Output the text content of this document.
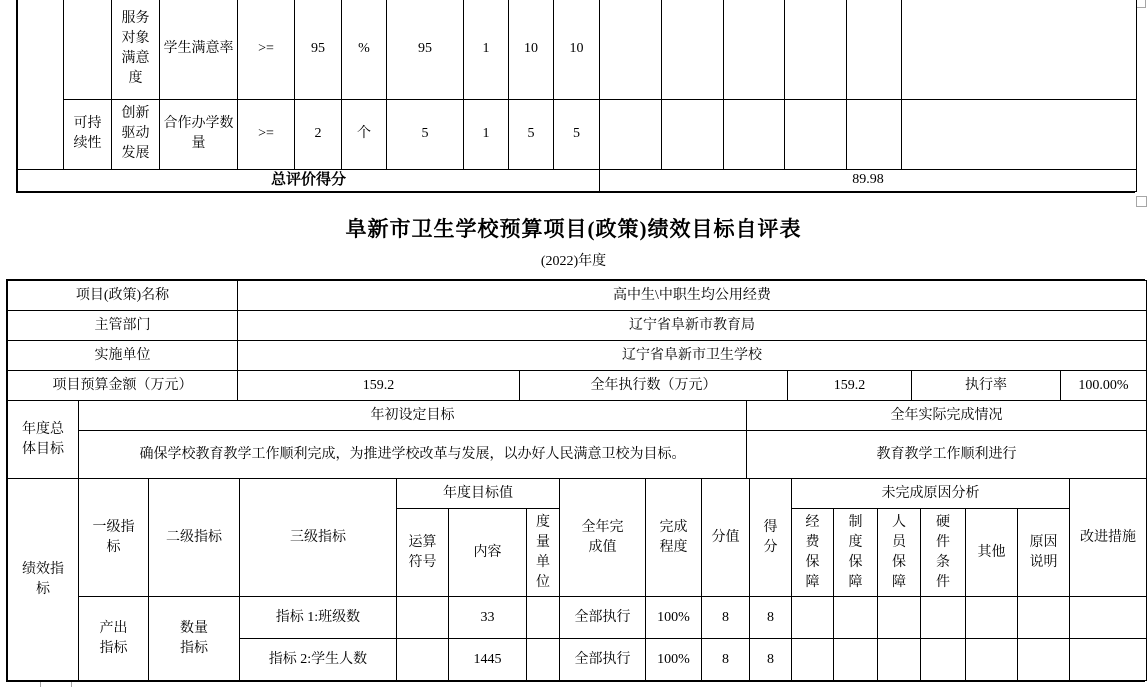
		服务对象满意度	学生满意率	>=	95	%	95	1	10	10						
	可持续性	创新驱动发展	合作办学数量	>=	2	个	5	1	5	5						
总评价得分											89.98					
阜新市卫生学校预算项目(政策)绩效目标自评表
(2022)年度
项目(政策)名称	高中生\中职生均公用经费
主管部门	辽宁省阜新市教育局
实施单位	辽宁省阜新市卫生学校
项目预算金额（万元）	159.2	全年执行数（万元）	159.2	执行率	100.00%
年度总体目标	年初设定目标	全年实际完成情况
	确保学校教育教学工作顺利完成，为推进学校改革与发展，以办好人民满意卫校为目标。	教育教学工作顺利进行
绩效指标	一级指标	二级指标	三级指标	年度目标值			全年完成值	完成程度	分值	得分	未完成原因分析						改进措施
				运算符号	内容	度量单位					经费保障	制度保障	人员保障	硬件条件	其他	原因说明	
	产出指标	数量指标	指标 1:班级数		33		全部执行	100%	8	8							
			指标 2:学生人数		1445		全部执行	100%	8	8							
